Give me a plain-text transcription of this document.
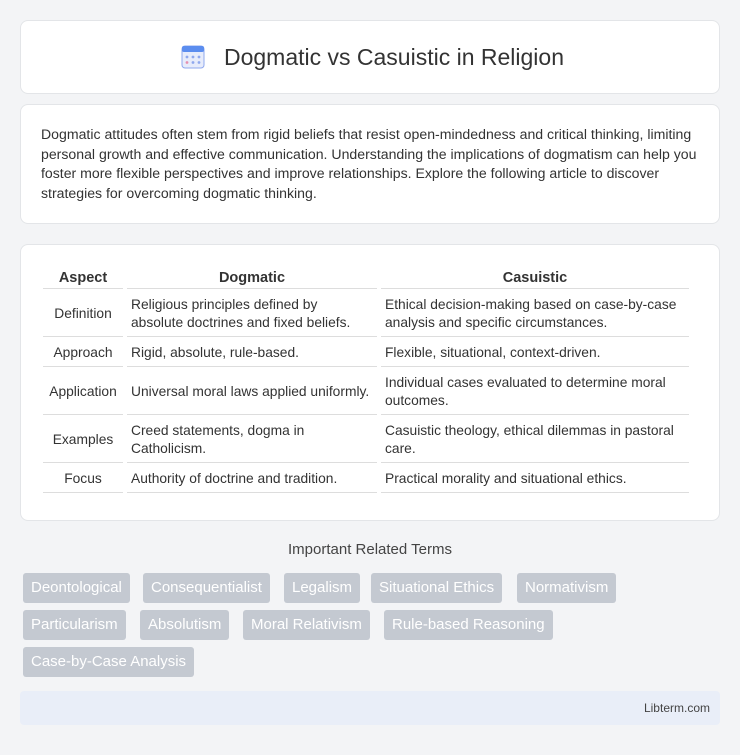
Dogmatic vs Casuistic in Religion

Dogmatic attitudes often stem from rigid beliefs that resist open-mindedness and critical thinking, limiting personal growth and effective communication. Understanding the implications of dogmatism can help you foster more flexible perspectives and improve relationships. Explore the following article to discover strategies for overcoming dogmatic thinking.

Aspect	Dogmatic	Casuistic
Definition	Religious principles defined by absolute doctrines and fixed beliefs.	Ethical decision-making based on case-by-case analysis and specific circumstances.
Approach	Rigid, absolute, rule-based.	Flexible, situational, context-driven.
Application	Universal moral laws applied uniformly.	Individual cases evaluated to determine moral outcomes.
Examples	Creed statements, dogma in Catholicism.	Casuistic theology, ethical dilemmas in pastoral care.
Focus	Authority of doctrine and tradition.	Practical morality and situational ethics.
Important Related Terms
Deontological	Consequentialist	Legalism	Situational Ethics	Normativism
Particularism	Absolutism	Moral Relativism	Rule-based Reasoning
Case-by-Case Analysis
Libterm.com
